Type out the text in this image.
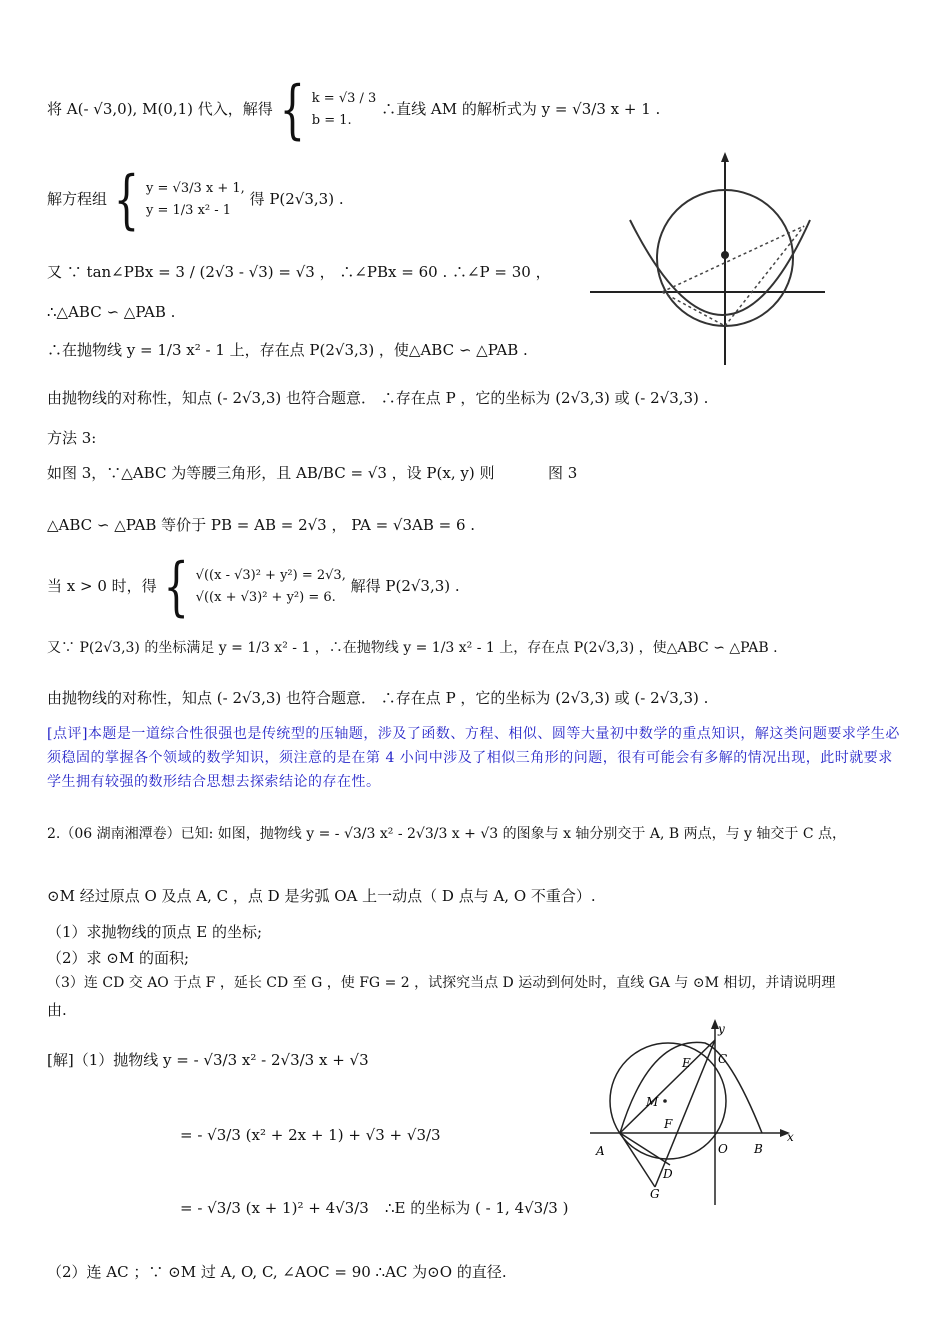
将 A(- √3,0), M(0,1) 代入，解得 { k = √3 / 3
b = 1.
∴直线 AM 的解析式为 y = √3/3 x + 1 .
解方程组 { y = √3/3 x + 1,
y = 1/3 x² - 1
得 P(2√3,3) .
又 ∵ tan∠PBx = 3 / (2√3 - √3) = √3 ， ∴∠PBx = 60 . ∴∠P = 30 ，
∴△ABC ∽ △PAB .
∴在抛物线 y = 1/3 x² - 1 上，存在点 P(2√3,3) ，使△ABC ∽ △PAB .
由抛物线的对称性，知点 (- 2√3,3) 也符合题意． ∴存在点 P ，它的坐标为 (2√3,3) 或 (- 2√3,3) .
方法 3:
如图 3，∵△ABC 为等腰三角形，且 AB/BC = √3 ，设 P(x, y) 则	图 3
△ABC ∽ △PAB 等价于 PB = AB = 2√3 ， PA = √3AB = 6 .
当 x > 0 时，得 { √((x - √3)² + y²) = 2√3,
√((x + √3)² + y²) = 6.
解得 P(2√3,3) .
又∵ P(2√3,3) 的坐标满足 y = 1/3 x² - 1 ，∴在抛物线 y = 1/3 x² - 1 上，存在点 P(2√3,3) ，使△ABC ∽ △PAB .
由抛物线的对称性，知点 (- 2√3,3) 也符合题意． ∴存在点 P ，它的坐标为 (2√3,3) 或 (- 2√3,3) .
[点评]本题是一道综合性很强也是传统型的压轴题，涉及了函数、方程、相似、圆等大量初中数学的重点知识，解这类问题要求学生必须稳固的掌握各个领域的数学知识，须注意的是在第 4 小问中涉及了相似三角形的问题，很有可能会有多解的情况出现，此时就要求学生拥有较强的数形结合思想去探索结论的存在性。
2.（06 湖南湘潭卷）已知: 如图，抛物线 y = - √3/3 x² - 2√3/3 x + √3 的图象与 x 轴分别交于 A, B 两点，与 y 轴交于 C 点，
⊙M 经过原点 O 及点 A, C ，点 D 是劣弧 OA 上一动点（ D 点与 A, O 不重合）.
（1）求抛物线的顶点 E 的坐标;
（2）求 ⊙M 的面积;
（3）连 CD 交 AO 于点 F ，延长 CD 至 G ，使 FG = 2 ，试探究当点 D 运动到何处时，直线 GA 与 ⊙M 相切，并请说明理
由.
[解]（1）抛物线 y = - √3/3 x² - 2√3/3 x + √3
= - √3/3 (x² + 2x + 1) + √3 + √3/3
= - √3/3 (x + 1)² + 4√3/3 ∴E 的坐标为 ( - 1, 4√3/3 )
（2）连 AC ；∵ ⊙M 过 A, O, C, ∠AOC = 90 ∴AC 为⊙O 的直径.
y
x
E C
M
F
A	O B
D
G
